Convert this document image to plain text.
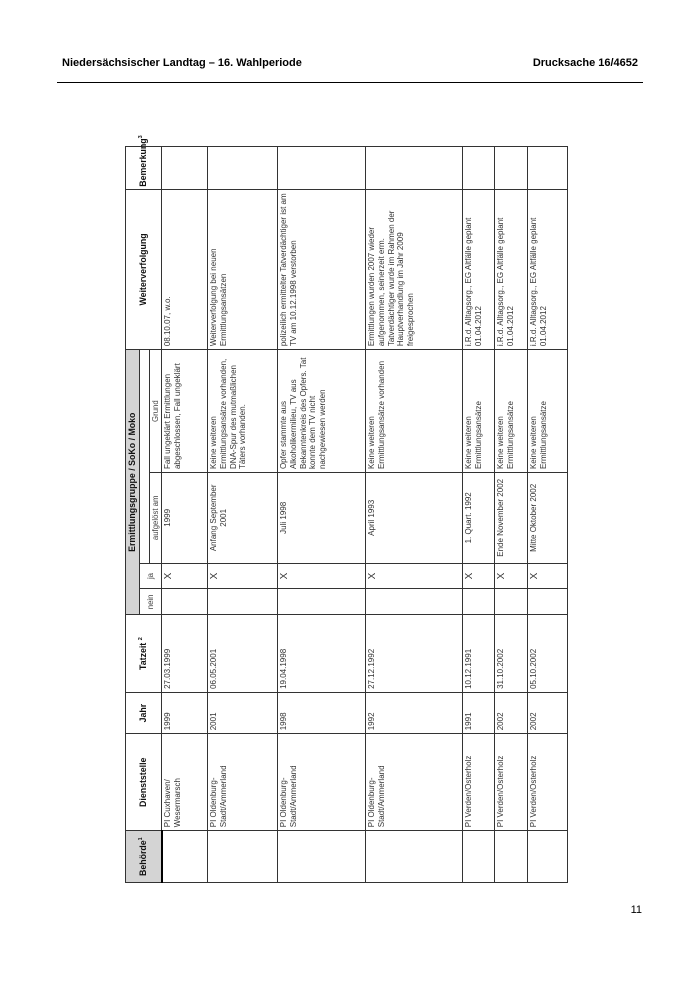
Niedersächsischer Landtag – 16. Wahlperiode	Drucksache 16/4652
Behörde$^1$	Dienststelle	Jahr	Tatzeit $^2$	Ermittlungsgruppe / SoKo / Moko				Weiterverfolgung	Bemerkung$^3$
				nein	ja				
						aufgelöst am	Grund		
	PI Cuxhaven/ Wesermarsch	1999	27.03.1999		X	1999	Fall ungeklärt Ermittlungen abgeschlossen, Fall ungeklärt	08.10.07, w.o.	
	PI Oldenburg-Stadt/Ammerland	2001	06.05.2001		X	Anfang September 2001	Keine weiteren Ermittlungsansätze vorhanden, DNA-Spur des mutmaßlichen Täters vorhanden.	Weiterverfolgung bei neuen Ermittlungsansätzen	
	PI Oldenburg-Stadt/Ammerland	1998	19.04.1998		X	Juli 1998	Opfer stammte aus Alkoholikermilieu, TV aus Bekanntenkreis des Opfers. Tat konnte dem TV nicht nachgewiesen werden	polizeilich ermittelter Tatverdächtiger ist am TV am 10.12.1998 verstorben	
	PI Oldenburg-Stadt/Ammerland	1992	27.12.1992		X	April 1993	Keine weiteren Ermittlungsansätze vorhanden	Ermittlungen wurden 2007 wieder aufgenommen, seinerzeit erm. Tatverdächtiger wurde im Rahmen der Hauptverhandlung im Jahr 2009 freigesprochen	
	PI Verden/Osterholz	1991	10.12.1991		X	1. Quart. 1992	Keine weiteren Ermittlungsansätze	i.R.d. Alltagsorg., EG Altfälle geplant 01.04.2012	
	PI Verden/Osterholz	2002	31.10.2002		X	Ende November 2002	Keine weiteren Ermittlungsansätze	i.R.d. Alltagsorg., EG Altfälle geplant 01.04.2012	
	PI Verden/Osterholz	2002	05.10.2002		X	Mitte Oktober 2002	Keine weiteren Ermittlungsansätze	i.R.d. Alltagsorg., EG Altfälle geplant 01.04.2012	
11
